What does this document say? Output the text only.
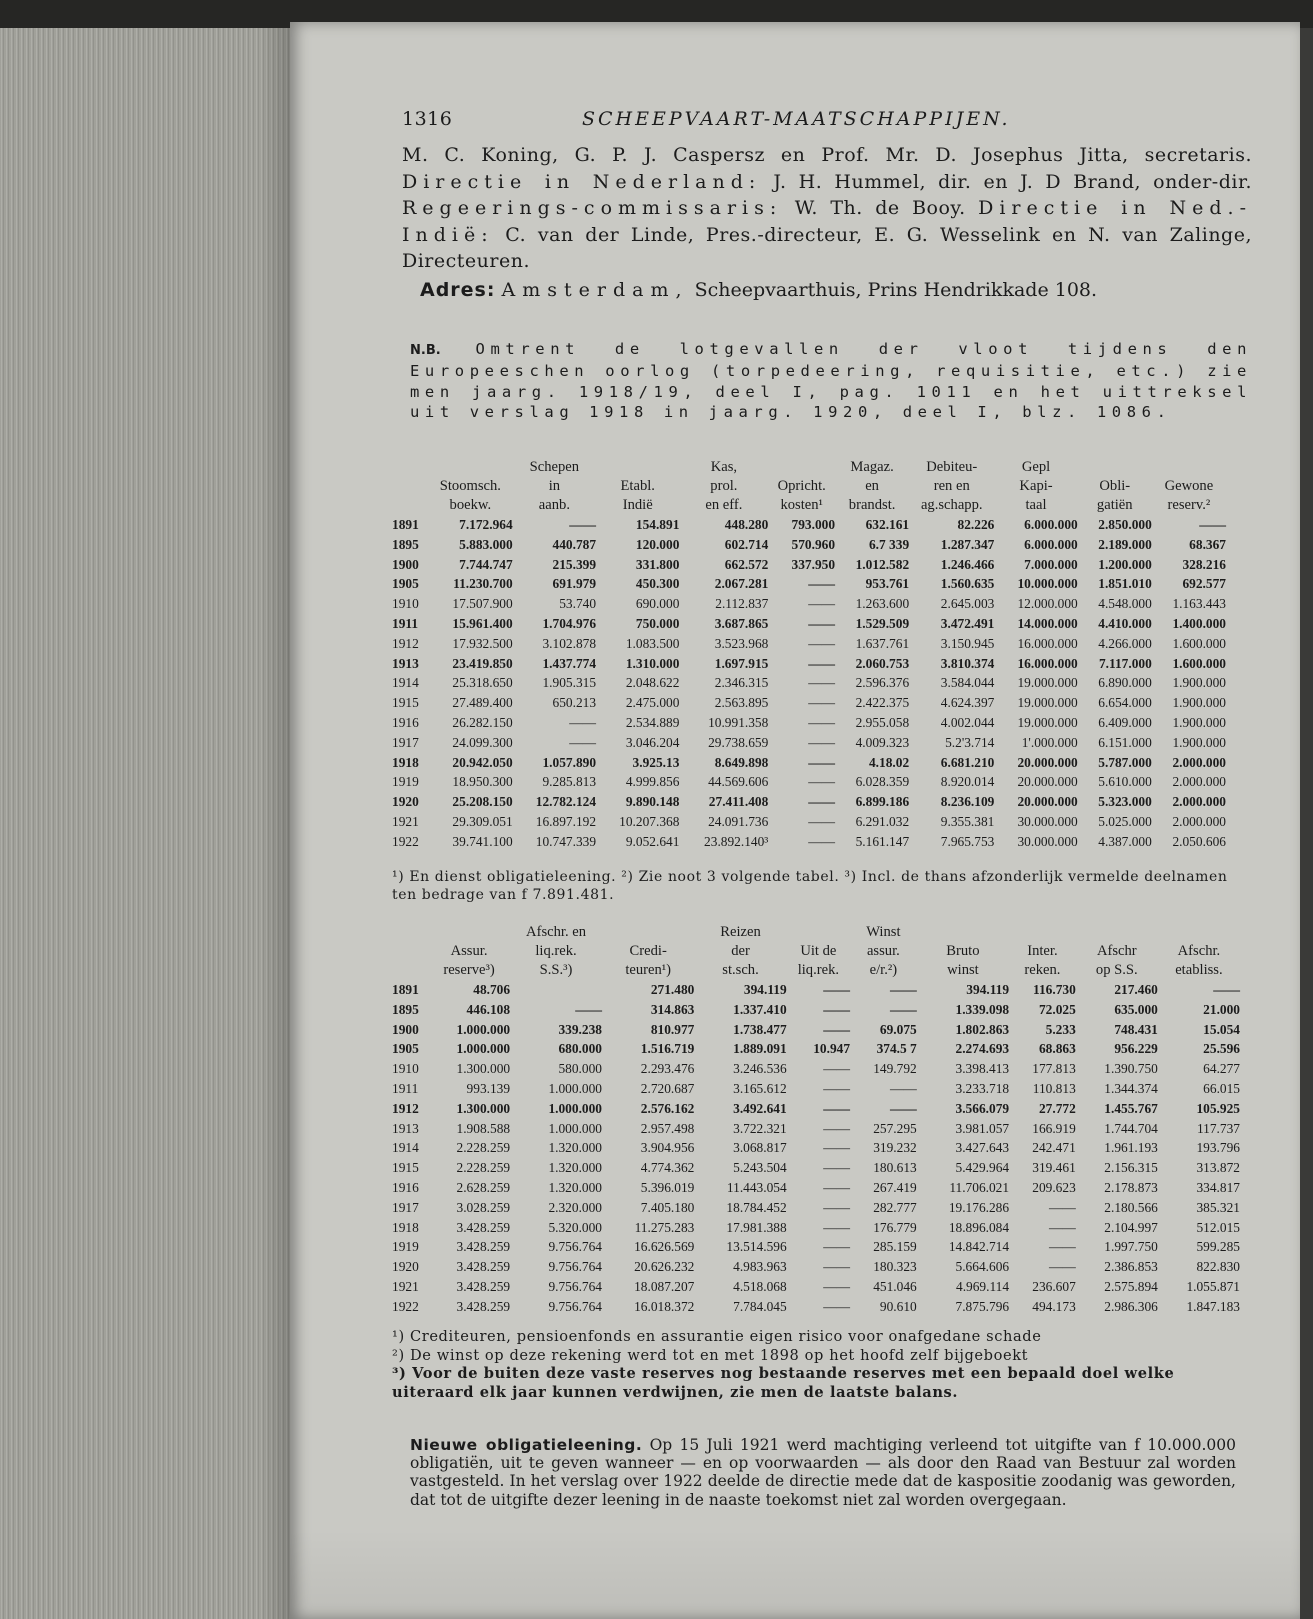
1316	SCHEEPVAART-MAATSCHAPPIJEN.

M. C. Koning, G. P. J. Caspersz en Prof. Mr. D. Josephus Jitta, secretaris. Directie in Nederland: J. H. Hummel, dir. en J. D Brand, onder-dir. Regeerings-commissaris: W. Th. de Booy. Directie in Ned.-Indië: C. van der Linde, Pres.-directeur, E. G. Wesselink en N. van Zalinge, Directeuren.

Adres: Amsterdam, Scheepvaarthuis, Prins Hendrikkade 108.

N.B. Omtrent de lotgevallen der vloot tijdens den Europeeschen oorlog (torpedeering, requisitie, etc.) zie men jaarg. 1918/19, deel I, pag. 1011 en het uittreksel uit verslag 1918 in jaarg. 1920, deel I, blz. 1086.

		Schepen		Kas,		Magaz.	Debiteu-	Gepl		
	Stoomsch.	in	Etabl.	prol.	Opricht.	en	ren en	Kapi-	Obli-	Gewone
	boekw.	aanb.	Indië	en eff.	kosten¹	brandst.	ag.schapp.	taal	gatiën	reserv.²
1891	7.172.964	——	154.891	448.280	793.000	632.161	82.226	6.000.000	2.850.000	——
1895	5.883.000	440.787	120.000	602.714	570.960	6.7 339	1.287.347	6.000.000	2.189.000	68.367
1900	7.744.747	215.399	331.800	662.572	337.950	1.012.582	1.246.466	7.000.000	1.200.000	328.216
1905	11.230.700	691.979	450.300	2.067.281	——	953.761	1.560.635	10.000.000	1.851.010	692.577
1910	17.507.900	53.740	690.000	2.112.837	——	1.263.600	2.645.003	12.000.000	4.548.000	1.163.443
1911	15.961.400	1.704.976	750.000	3.687.865	——	1.529.509	3.472.491	14.000.000	4.410.000	1.400.000
1912	17.932.500	3.102.878	1.083.500	3.523.968	——	1.637.761	3.150.945	16.000.000	4.266.000	1.600.000
1913	23.419.850	1.437.774	1.310.000	1.697.915	——	2.060.753	3.810.374	16.000.000	7.117.000	1.600.000
1914	25.318.650	1.905.315	2.048.622	2.346.315	——	2.596.376	3.584.044	19.000.000	6.890.000	1.900.000
1915	27.489.400	650.213	2.475.000	2.563.895	——	2.422.375	4.624.397	19.000.000	6.654.000	1.900.000
1916	26.282.150	——	2.534.889	10.991.358	——	2.955.058	4.002.044	19.000.000	6.409.000	1.900.000
1917	24.099.300	——	3.046.204	29.738.659	——	4.009.323	5.2'3.714	1'.000.000	6.151.000	1.900.000
1918	20.942.050	1.057.890	3.925.13	8.649.898	——	4.18.02	6.681.210	20.000.000	5.787.000	2.000.000
1919	18.950.300	9.285.813	4.999.856	44.569.606	——	6.028.359	8.920.014	20.000.000	5.610.000	2.000.000
1920	25.208.150	12.782.124	9.890.148	27.411.408	——	6.899.186	8.236.109	20.000.000	5.323.000	2.000.000
1921	29.309.051	16.897.192	10.207.368	24.091.736	——	6.291.032	9.355.381	30.000.000	5.025.000	2.000.000
1922	39.741.100	10.747.339	9.052.641	23.892.140³	——	5.161.147	7.965.753	30.000.000	4.387.000	2.050.606
¹) En dienst obligatieleening. ²) Zie noot 3 volgende tabel. ³) Incl. de thans afzonderlijk vermelde deelnamen ten bedrage van f 7.891.481.
		Afschr. en		Reizen		Winst				
	Assur.	liq.rek.	Credi-	der	Uit de	assur.	Bruto	Inter.	Afschr	Afschr.
	reserve³)	S.S.³)	teuren¹)	st.sch.	liq.rek.	e/r.²)	winst	reken.	op S.S.	etabliss.
1891	48.706		271.480	394.119	——	——	394.119	116.730	217.460	——
1895	446.108	——	314.863	1.337.410	——	——	1.339.098	72.025	635.000	21.000
1900	1.000.000	339.238	810.977	1.738.477	——	69.075	1.802.863	5.233	748.431	15.054
1905	1.000.000	680.000	1.516.719	1.889.091	10.947	374.5 7	2.274.693	68.863	956.229	25.596
1910	1.300.000	580.000	2.293.476	3.246.536	——	149.792	3.398.413	177.813	1.390.750	64.277
1911	993.139	1.000.000	2.720.687	3.165.612	——	——	3.233.718	110.813	1.344.374	66.015
1912	1.300.000	1.000.000	2.576.162	3.492.641	——	——	3.566.079	27.772	1.455.767	105.925
1913	1.908.588	1.000.000	2.957.498	3.722.321	——	257.295	3.981.057	166.919	1.744.704	117.737
1914	2.228.259	1.320.000	3.904.956	3.068.817	——	319.232	3.427.643	242.471	1.961.193	193.796
1915	2.228.259	1.320.000	4.774.362	5.243.504	——	180.613	5.429.964	319.461	2.156.315	313.872
1916	2.628.259	1.320.000	5.396.019	11.443.054	——	267.419	11.706.021	209.623	2.178.873	334.817
1917	3.028.259	2.320.000	7.405.180	18.784.452	——	282.777	19.176.286	——	2.180.566	385.321
1918	3.428.259	5.320.000	11.275.283	17.981.388	——	176.779	18.896.084	——	2.104.997	512.015
1919	3.428.259	9.756.764	16.626.569	13.514.596	——	285.159	14.842.714	——	1.997.750	599.285
1920	3.428.259	9.756.764	20.626.232	4.983.963	——	180.323	5.664.606	——	2.386.853	822.830
1921	3.428.259	9.756.764	18.087.207	4.518.068	——	451.046	4.969.114	236.607	2.575.894	1.055.871
1922	3.428.259	9.756.764	16.018.372	7.784.045	——	90.610	7.875.796	494.173	2.986.306	1.847.183
¹) Crediteuren, pensioenfonds en assurantie eigen risico voor onafgedane schade
²) De winst op deze rekening werd tot en met 1898 op het hoofd zelf bijgeboekt
³) Voor de buiten deze vaste reserves nog bestaande reserves met een bepaald doel welke uiteraard elk jaar kunnen verdwijnen, zie men de laatste balans.

Nieuwe obligatieleening. Op 15 Juli 1921 werd machtiging verleend tot uitgifte van f 10.000.000 obligatiën, uit te geven wanneer — en op voorwaarden — als door den Raad van Bestuur zal worden vastgesteld. In het verslag over 1922 deelde de directie mede dat de kaspositie zoodanig was geworden, dat tot de uitgifte dezer leening in de naaste toekomst niet zal worden overgegaan.
